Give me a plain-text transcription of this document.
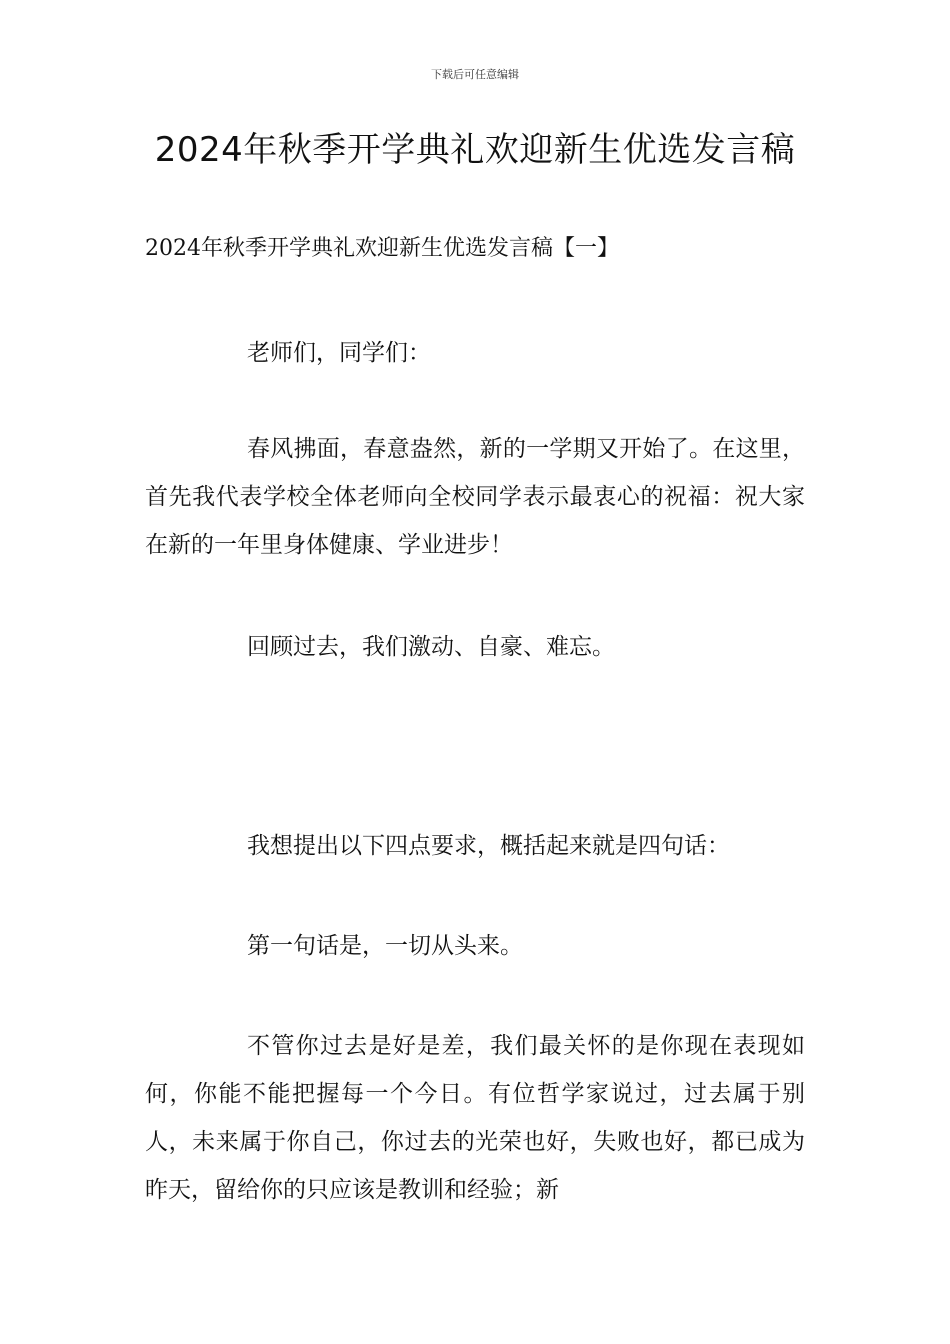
下载后可任意编辑
2024年秋季开学典礼欢迎新生优选发言稿
2024年秋季开学典礼欢迎新生优选发言稿【一】
老师们，同学们：
春风拂面，春意盎然，新的一学期又开始了。在这里，首先我代表学校全体老师向全校同学表示最衷心的祝福：祝大家在新的一年里身体健康、学业进步！
回顾过去，我们激动、自豪、难忘。
我想提出以下四点要求，概括起来就是四句话：
第一句话是，一切从头来。
不管你过去是好是差，我们最关怀的是你现在表现如何，你能不能把握每一个今日。有位哲学家说过，过去属于别人，未来属于你自己，你过去的光荣也好，失败也好，都已成为昨天，留给你的只应该是教训和经验；新
